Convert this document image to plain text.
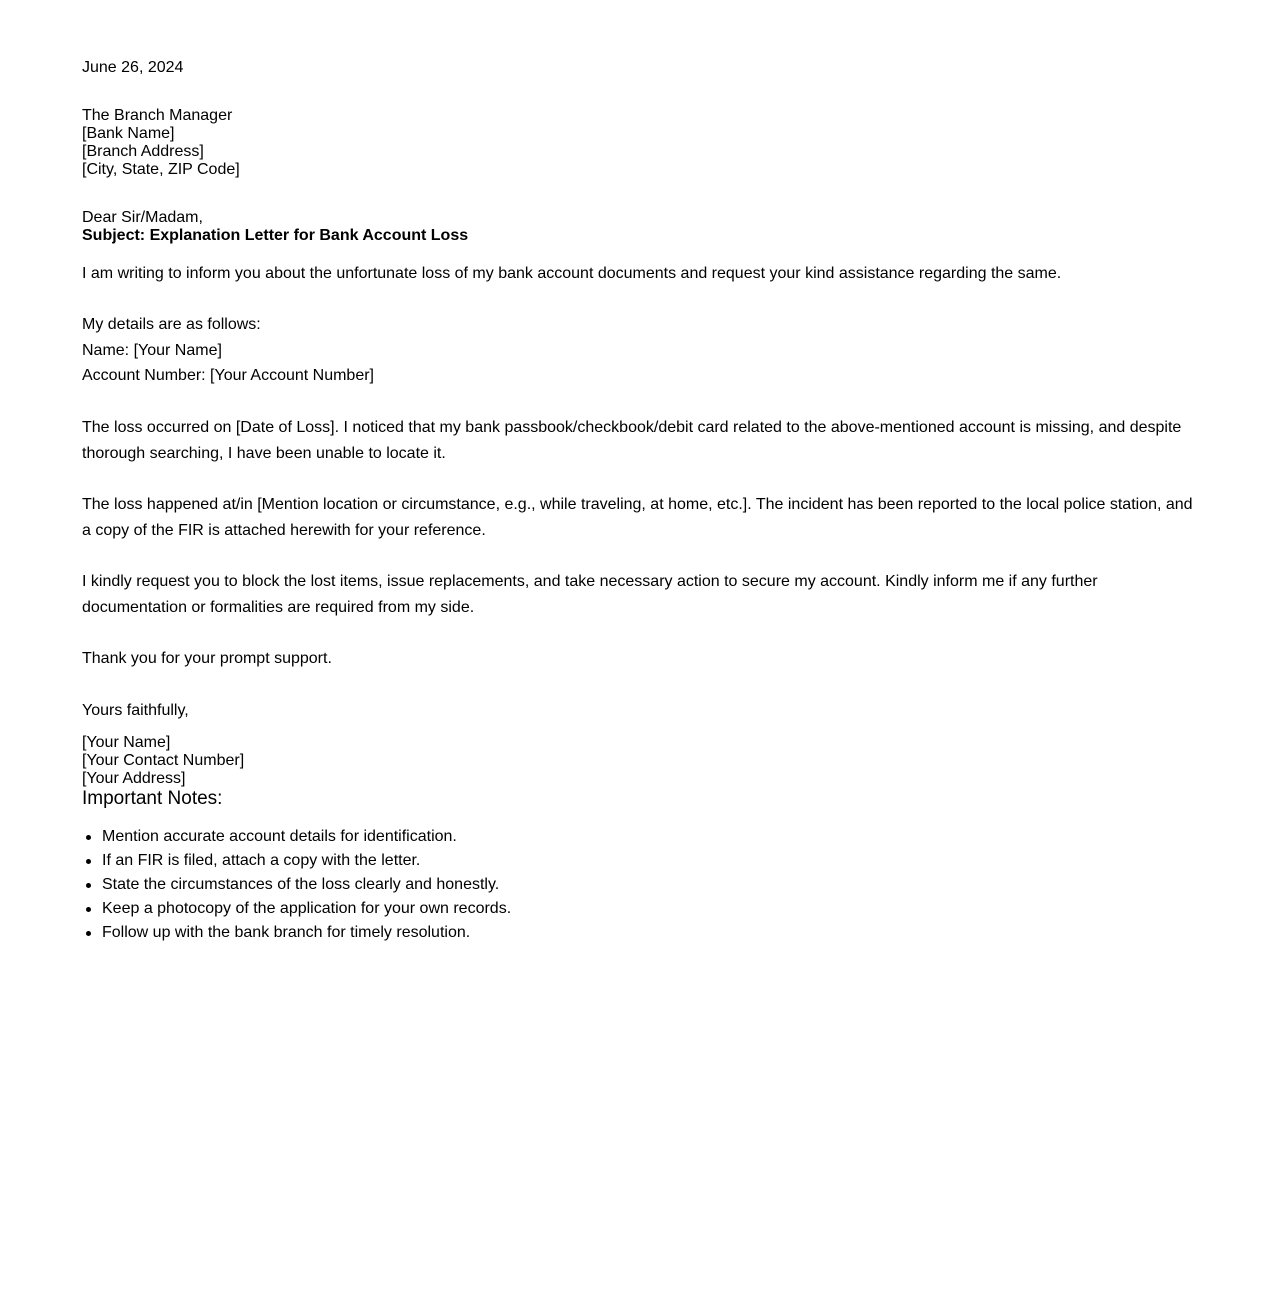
June 26, 2024
The Branch Manager
[Bank Name]
[Branch Address]
[City, State, ZIP Code]
Dear Sir/Madam,
Subject: Explanation Letter for Bank Account Loss

I am writing to inform you about the unfortunate loss of my bank account documents and request your kind assistance regarding the same.

My details are as follows:
Name: [Your Name]
Account Number: [Your Account Number]

The loss occurred on [Date of Loss]. I noticed that my bank passbook/checkbook/debit card related to the above-mentioned account is missing, and despite thorough searching, I have been unable to locate it.

The loss happened at/in [Mention location or circumstance, e.g., while traveling, at home, etc.]. The incident has been reported to the local police station, and a copy of the FIR is attached herewith for your reference.

I kindly request you to block the lost items, issue replacements, and take necessary action to secure my account. Kindly inform me if any further documentation or formalities are required from my side.

Thank you for your prompt support.

Yours faithfully,
[Your Name]
[Your Contact Number]
[Your Address]
Important Notes:
Mention accurate account details for identification.
If an FIR is filed, attach a copy with the letter.
State the circumstances of the loss clearly and honestly.
Keep a photocopy of the application for your own records.
Follow up with the bank branch for timely resolution.
